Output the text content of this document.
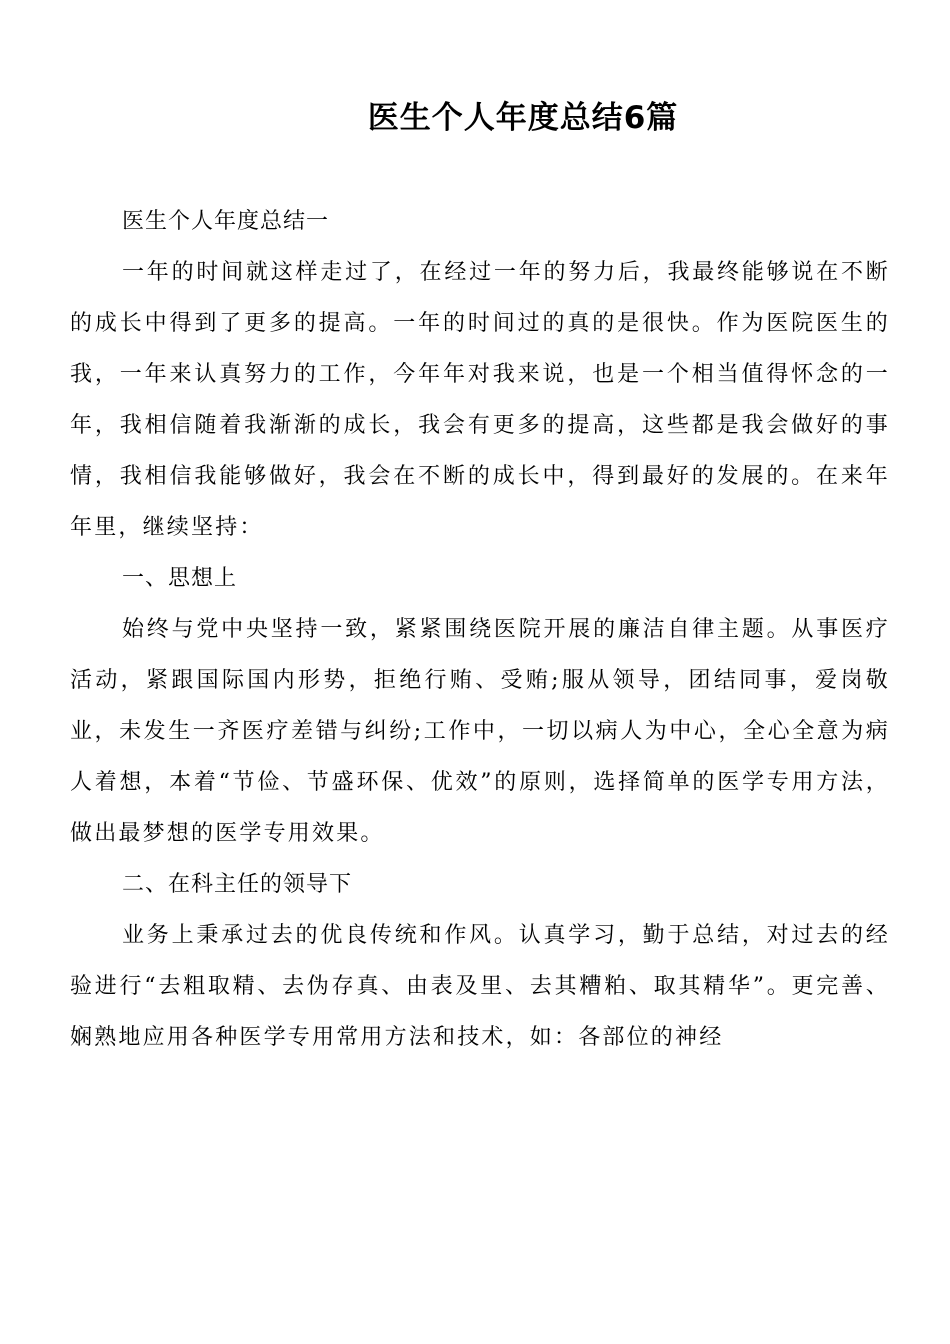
医生个人年度总结6篇

医生个人年度总结一

一年的时间就这样走过了，在经过一年的努力后，我最终能够说在不断的成长中得到了更多的提高。一年的时间过的真的是很快。作为医院医生的我，一年来认真努力的工作，今年年对我来说，也是一个相当值得怀念的一年，我相信随着我渐渐的成长，我会有更多的提高，这些都是我会做好的事情，我相信我能够做好，我会在不断的成长中，得到最好的发展的。在来年年里，继续坚持：

一、思想上

始终与党中央坚持一致，紧紧围绕医院开展的廉洁自律主题。从事医疗活动，紧跟国际国内形势，拒绝行贿、受贿;服从领导，团结同事，爱岗敬业，未发生一齐医疗差错与纠纷;工作中，一切以病人为中心，全心全意为病人着想，本着“节俭、节盛环保、优效”的原则，选择简单的医学专用方法，做出最梦想的医学专用效果。

二、在科主任的领导下

业务上秉承过去的优良传统和作风。认真学习，勤于总结，对过去的经验进行“去粗取精、去伪存真、由表及里、去其糟粕、取其精华”。更完善、娴熟地应用各种医学专用常用方法和技术，如：各部位的神经
